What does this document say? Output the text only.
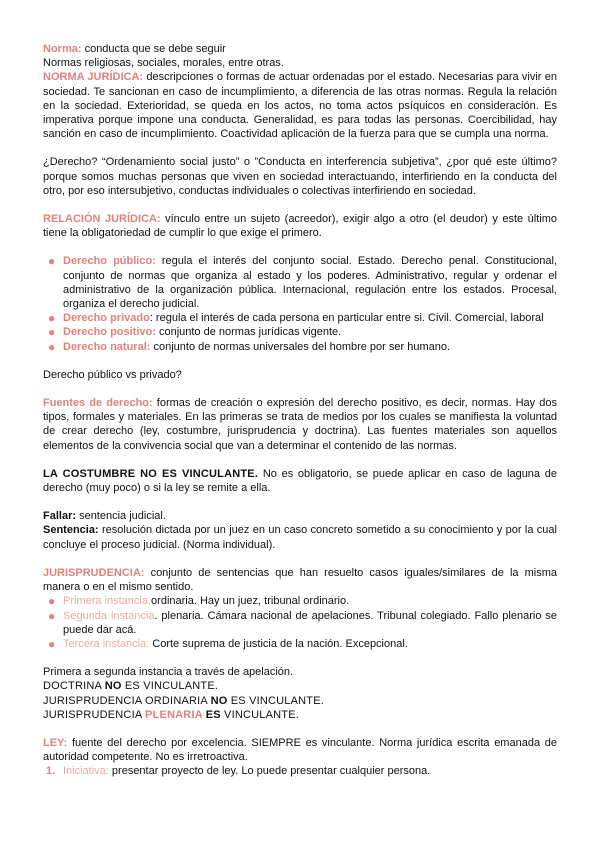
Norma: conducta que se debe seguir

Normas religiosas, sociales, morales, entre otras.

NORMA JURÍDICA: descripciones o formas de actuar ordenadas por el estado. Necesarias para vivir en sociedad. Te sancionan en caso de incumplimiento, a diferencia de las otras normas. Regula la relación en la sociedad. Exterioridad, se queda en los actos, no toma actos psíquicos en consideración. Es imperativa porque impone una conducta. Generalidad, es para todas las personas. Coercibilidad, hay sanción en caso de incumplimiento. Coactividad aplicación de la fuerza para que se cumpla una norma.

¿Derecho? “Ordenamiento social justo” o ”Conducta en interferencia subjetiva”, ¿por qué este último? porque somos muchas personas que viven en sociedad interactuando, interfiriendo en la conducta del otro, por eso intersubjetivo, conductas individuales o colectivas interfiriendo en sociedad.

RELACIÓN JURÍDICA: vínculo entre un sujeto (acreedor), exigir algo a otro (el deudor) y este último tiene la obligatoriedad de cumplir lo que exige el primero.

● Derecho público: regula el interés del conjunto social. Estado. Derecho penal. Constitucional, conjunto de normas que organiza al estado y los poderes. Administrativo, regular y ordenar el administrativo de la organización pública. Internacional, regulación entre los estados. Procesal, organiza el derecho judicial.
● Derecho privado: regula el interés de cada persona en particular entre si. Civil. Comercial, laboral
● Derecho positivo: conjunto de normas jurídicas vigente.
● Derecho natural: conjunto de normas universales del hombre por ser humano.

Derecho público vs privado?

Fuentes de derecho: formas de creación o expresión del derecho positivo, es decir, normas. Hay dos tipos, formales y materiales. En las primeras se trata de medios por los cuales se manifiesta la voluntad de crear derecho (ley, costumbre, jurisprudencia y doctrina). Las fuentes materiales son aquellos elementos de la convivencia social que van a determinar el contenido de las normas.

LA COSTUMBRE NO ES VINCULANTE. No es obligatorio, se puede aplicar en caso de laguna de derecho (muy poco) o si la ley se remite a ella.

Fallar: sentencia judicial.

Sentencia: resolución dictada por un juez en un caso concreto sometido a su conocimiento y por la cual concluye el proceso judicial. (Norma individual).

JURISPRUDENCIA: conjunto de sentencias que han resuelto casos iguales/similares de la misma manera o en el mismo sentido.

● Primera instancia,ordinaria. Hay un juez, tribunal ordinario.
● Segunda instancia. plenaria. Cámara nacional de apelaciones. Tribunal colegiado. Fallo plenario se puede dar acá.
● Tercera instancia: Corte suprema de justicia de la nación. Excepcional.

Primera a segunda instancia a través de apelación.

DOCTRINA NO ES VINCULANTE.

JURISPRUDENCIA ORDINARIA NO ES VINCULANTE.

JURISPRUDENCIA PLENARIA ES VINCULANTE.

LEY: fuente del derecho por excelencia. SIEMPRE es vinculante. Norma jurídica escrita emanada de autoridad competente. No es irretroactiva.

1. Iniciativa: presentar proyecto de ley. Lo puede presentar cualquier persona.
